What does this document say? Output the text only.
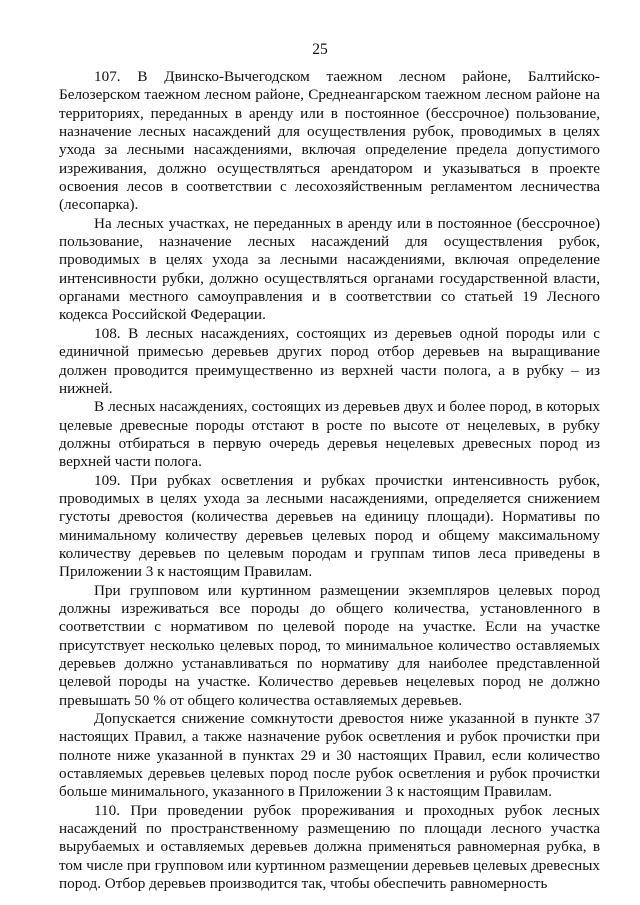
25

107. В Двинско-Вычегодском таежном лесном районе, Балтийско-Белозерском таежном лесном районе, Среднеангарском таежном лесном районе на территориях, переданных в аренду или в постоянное (бессрочное) пользование, назначение лесных насаждений для осуществления рубок, проводимых в целях ухода за лесными насаждениями, включая определение предела допустимого изреживания, должно осуществляться арендатором и указываться в проекте освоения лесов в соответствии с лесохозяйственным регламентом лесничества (лесопарка).

На лесных участках, не переданных в аренду или в постоянное (бессрочное) пользование, назначение лесных насаждений для осуществления рубок, проводимых в целях ухода за лесными насаждениями, включая определение интенсивности рубки, должно осуществляться органами государственной власти, органами местного самоуправления и в соответствии со статьей 19 Лесного кодекса Российской Федерации.

108. В лесных насаждениях, состоящих из деревьев одной породы или с единичной примесью деревьев других пород отбор деревьев на выращивание должен проводится преимущественно из верхней части полога, а в рубку – из нижней.

В лесных насаждениях, состоящих из деревьев двух и более пород, в которых целевые древесные породы отстают в росте по высоте от нецелевых, в рубку должны отбираться в первую очередь деревья нецелевых древесных пород из верхней части полога.

109. При рубках осветления и рубках прочистки интенсивность рубок, проводимых в целях ухода за лесными насаждениями, определяется снижением густоты древостоя (количества деревьев на единицу площади). Нормативы по минимальному количеству деревьев целевых пород и общему максимальному количеству деревьев по целевым породам и группам типов леса приведены в Приложении 3 к настоящим Правилам.

При групповом или куртинном размещении экземпляров целевых пород должны изреживаться все породы до общего количества, установленного в соответствии с нормативом по целевой породе на участке. Если на участке присутствует несколько целевых пород, то минимальное количество оставляемых деревьев должно устанавливаться по нормативу для наиболее представленной целевой породы на участке. Количество деревьев нецелевых пород не должно превышать 50 % от общего количества оставляемых деревьев.

Допускается снижение сомкнутости древостоя ниже указанной в пункте 37 настоящих Правил, а также назначение рубок осветления и рубок прочистки при полноте ниже указанной в пунктах 29 и 30 настоящих Правил, если количество оставляемых деревьев целевых пород после рубок осветления и рубок прочистки больше минимального, указанного в Приложении 3 к настоящим Правилам.

110. При проведении рубок прореживания и проходных рубок лесных насаждений по пространственному размещению по площади лесного участка вырубаемых и оставляемых деревьев должна применяться равномерная рубка, в том числе при групповом или куртинном размещении деревьев целевых древесных пород. Отбор деревьев производится так, чтобы обеспечить равномерность
